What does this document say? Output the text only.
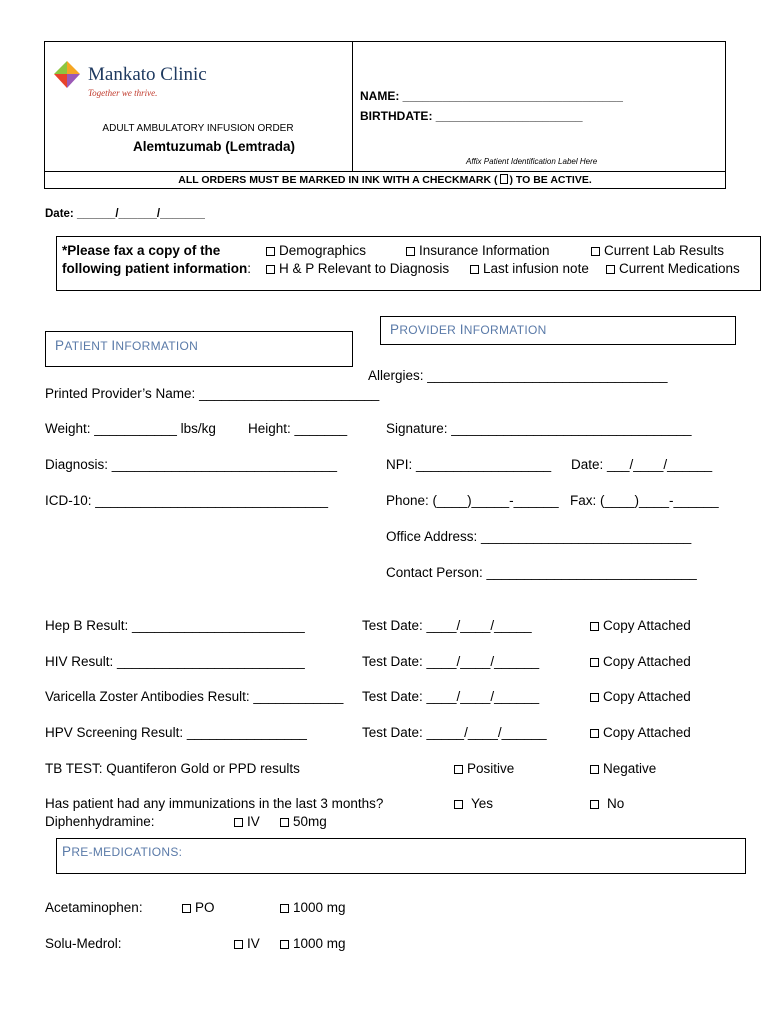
Mankato Clinic
Together we thrive.
ADULT AMBULATORY INFUSION ORDER
Alemtuzumab (Lemtrada)
NAME: _________________________________
BIRTHDATE: ______________________
Affix Patient Identification Label Here
ALL ORDERS MUST BE MARKED IN INK WITH A CHECKMARK ( ) TO BE ACTIVE.
Date: ______/______/_______
*Please fax a copy of the
following patient information:
Demographics	Insurance Information	Current Lab Results
H & P Relevant to Diagnosis	Last infusion note	Current Medications
PATIENT INFORMATION
PROVIDER INFORMATION
Printed Provider’s Name: ________________________
Weight: ___________ lbs/kg Height: _______
Diagnosis: ______________________________
ICD-10: _______________________________
Allergies: ________________________________
Signature: ________________________________
NPI: __________________ Date: ___/____/______
Phone: (____)_____-______ Fax: (____)____-______
Office Address: ____________________________
Contact Person: ____________________________
Hep B Result: _______________________	Test Date: ____/____/_____	Copy Attached
HIV Result: _________________________	Test Date: ____/____/______	Copy Attached
Varicella Zoster Antibodies Result: ____________ Test Date: ____/____/______	Copy Attached
HPV Screening Result: ________________	Test Date: _____/____/______	Copy Attached
TB TEST: Quantiferon Gold or PPD results	Positive	Negative
Has patient had any immunizations in the last 3 months?	Yes	No
Diphenhydramine:	IV	50mg
PRE-MEDICATIONS:
Acetaminophen:	PO	1000 mg
Solu-Medrol:	IV	1000 mg
